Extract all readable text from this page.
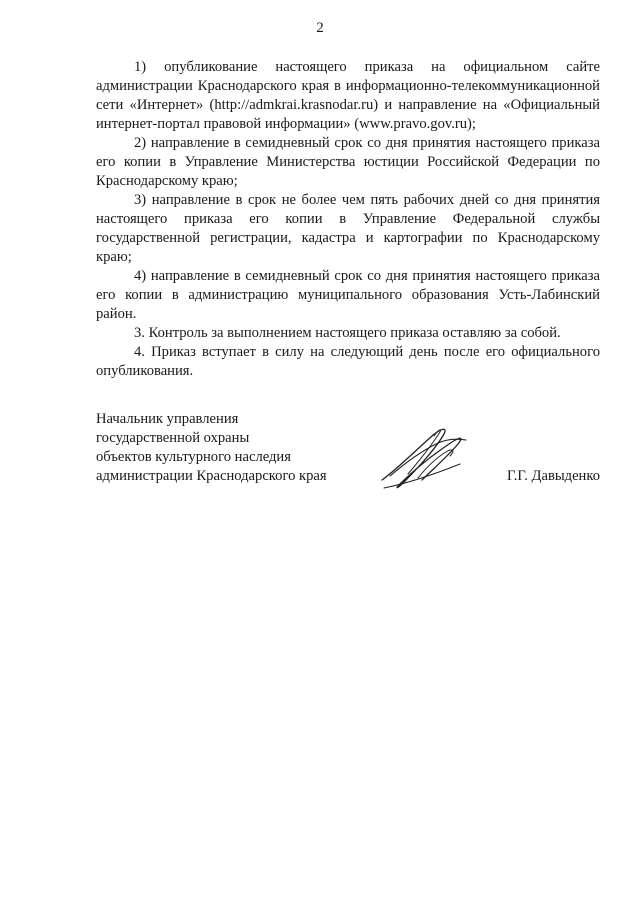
2

1) опубликование настоящего приказа на официальном сайте администрации Краснодарского края в информационно-телекоммуникационной сети «Интернет» (http://admkrai.krasnodar.ru) и направление на «Официальный интернет-портал правовой информации» (www.pravo.gov.ru);

2) направление в семидневный срок со дня принятия настоящего приказа его копии в Управление Министерства юстиции Российской Федерации по Краснодарскому краю;

3) направление в срок не более чем пять рабочих дней со дня принятия настоящего приказа его копии в Управление Федеральной службы государственной регистрации, кадастра и картографии по Краснодарскому краю;

4) направление в семидневный срок со дня принятия настоящего приказа его копии в администрацию муниципального образования Усть-Лабинский район.

3. Контроль за выполнением настоящего приказа оставляю за собой.

4. Приказ вступает в силу на следующий день после его официального опубликования.

Начальник управления
государственной охраны
объектов культурного наследия
администрации Краснодарского края	Г.Г. Давыденко
